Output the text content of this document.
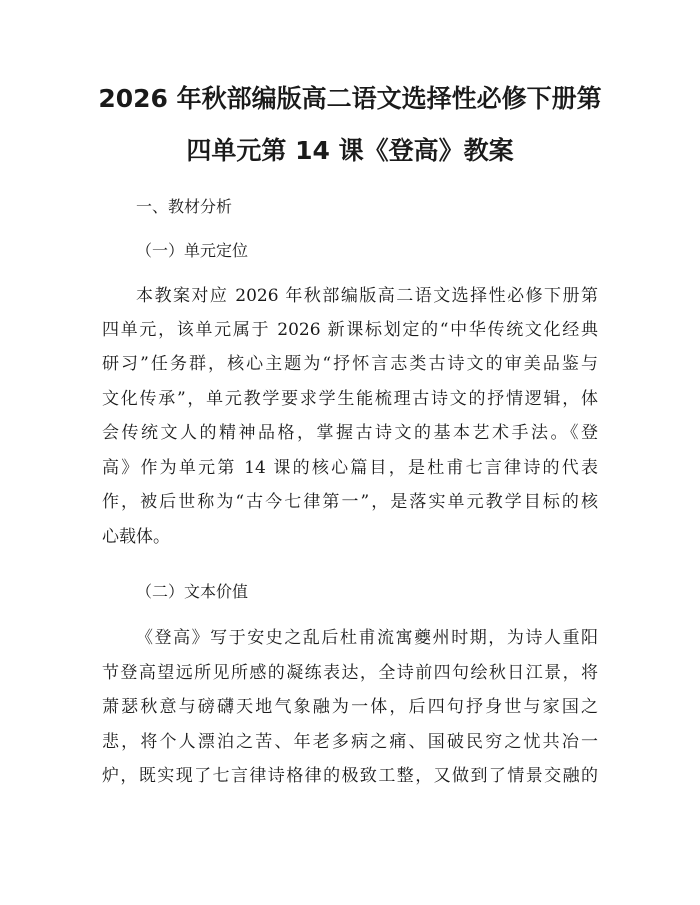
2026 年秋部编版高二语文选择性必修下册第
四单元第 14 课《登高》教案
一、教材分析
（一）单元定位
本教案对应 2026 年秋部编版高二语文选择性必修下册第
四单元，该单元属于 2026 新课标划定的“中华传统文化经典
研习”任务群，核心主题为“抒怀言志类古诗文的审美品鉴与
文化传承”，单元教学要求学生能梳理古诗文的抒情逻辑，体
会传统文人的精神品格，掌握古诗文的基本艺术手法。《登
高》作为单元第 14 课的核心篇目，是杜甫七言律诗的代表
作，被后世称为“古今七律第一”，是落实单元教学目标的核
心载体。
（二）文本价值
《登高》写于安史之乱后杜甫流寓夔州时期，为诗人重阳
节登高望远所见所感的凝练表达，全诗前四句绘秋日江景，将
萧瑟秋意与磅礴天地气象融为一体，后四句抒身世与家国之
悲，将个人漂泊之苦、年老多病之痛、国破民穷之忧共冶一
炉，既实现了七言律诗格律的极致工整，又做到了情景交融的
